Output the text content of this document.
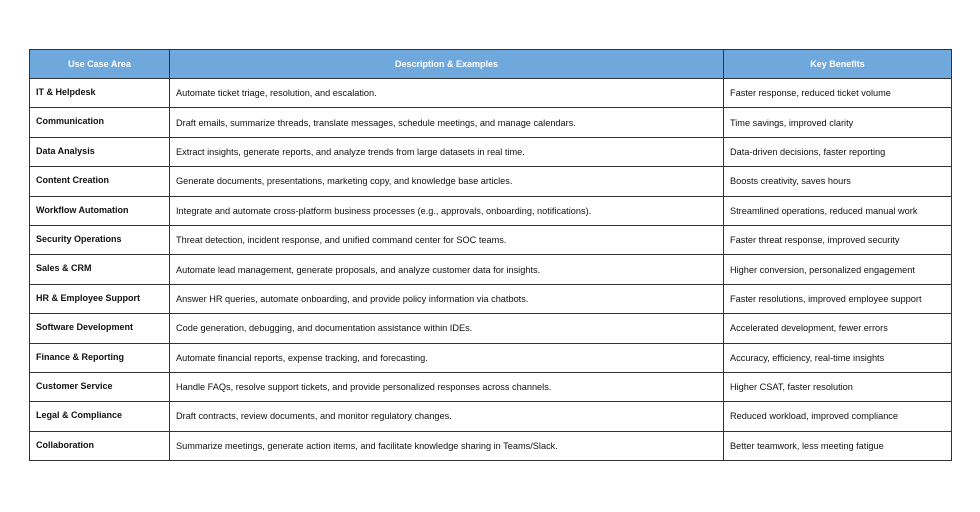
Use Case Area	Description & Examples	Key Benefits
IT & Helpdesk	Automate ticket triage, resolution, and escalation.	Faster response, reduced ticket volume
Communication	Draft emails, summarize threads, translate messages, schedule meetings, and manage calendars.	Time savings, improved clarity
Data Analysis	Extract insights, generate reports, and analyze trends from large datasets in real time.	Data-driven decisions, faster reporting
Content Creation	Generate documents, presentations, marketing copy, and knowledge base articles.	Boosts creativity, saves hours
Workflow Automation	Integrate and automate cross-platform business processes (e.g., approvals, onboarding, notifications).	Streamlined operations, reduced manual work
Security Operations	Threat detection, incident response, and unified command center for SOC teams.	Faster threat response, improved security
Sales & CRM	Automate lead management, generate proposals, and analyze customer data for insights.	Higher conversion, personalized engagement
HR & Employee Support	Answer HR queries, automate onboarding, and provide policy information via chatbots.	Faster resolutions, improved employee support
Software Development	Code generation, debugging, and documentation assistance within IDEs.	Accelerated development, fewer errors
Finance & Reporting	Automate financial reports, expense tracking, and forecasting.	Accuracy, efficiency, real-time insights
Customer Service	Handle FAQs, resolve support tickets, and provide personalized responses across channels.	Higher CSAT, faster resolution
Legal & Compliance	Draft contracts, review documents, and monitor regulatory changes.	Reduced workload, improved compliance
Collaboration	Summarize meetings, generate action items, and facilitate knowledge sharing in Teams/Slack.	Better teamwork, less meeting fatigue
